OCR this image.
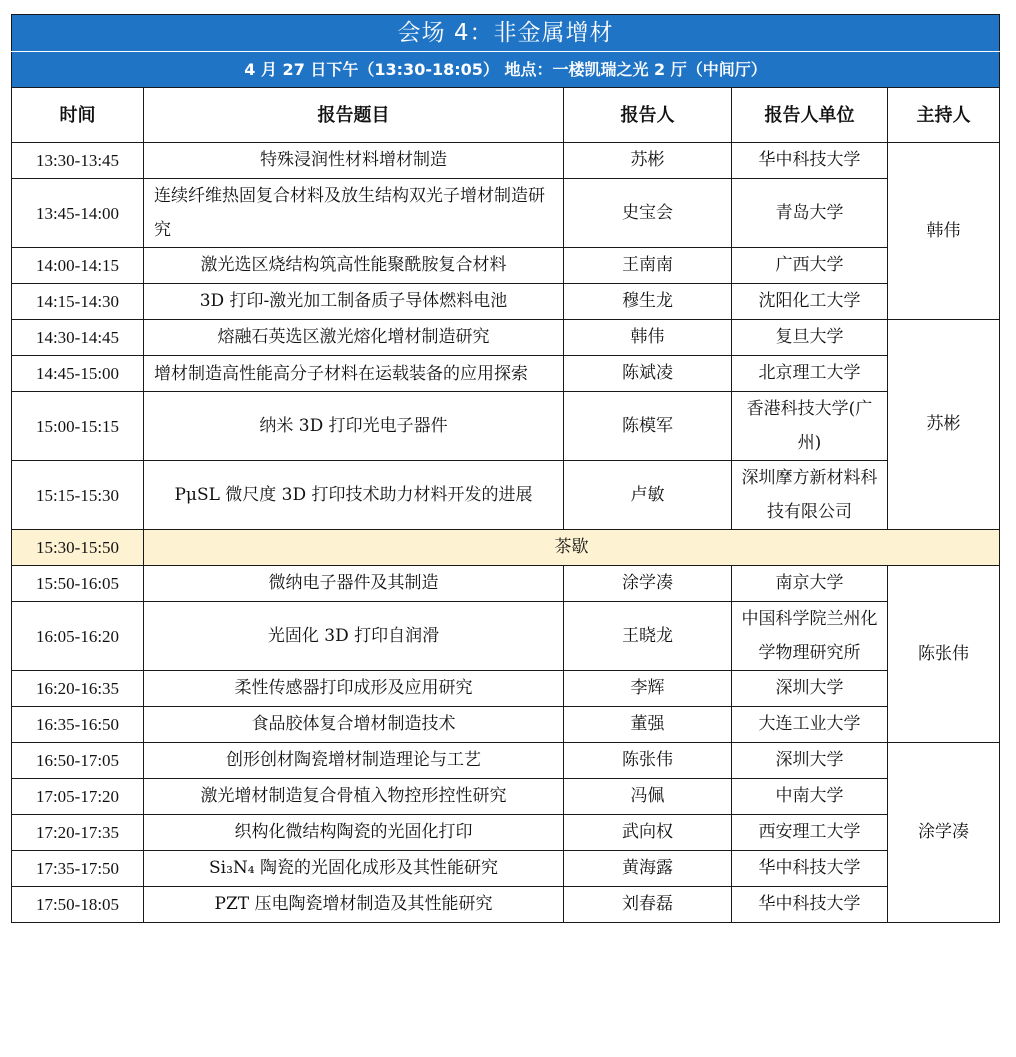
会场 4：非金属增材				
4 月 27 日下午（13:30-18:05） 地点：一楼凯瑞之光 2 厅（中间厅）				
时间	报告题目	报告人	报告人单位	主持人
13:30-13:45	特殊浸润性材料增材制造	苏彬	华中科技大学	韩伟
13:45-14:00	连续纤维热固复合材料及放生结构双光子增材制造研究	史宝会	青岛大学	
14:00-14:15	激光选区烧结构筑高性能聚酰胺复合材料	王南南	广西大学	
14:15-14:30	3D 打印-激光加工制备质子导体燃料电池	穆生龙	沈阳化工大学	
14:30-14:45	熔融石英选区激光熔化增材制造研究	韩伟	复旦大学	苏彬
14:45-15:00	增材制造高性能高分子材料在运载装备的应用探索	陈斌凌	北京理工大学	
15:00-15:15	纳米 3D 打印光电子器件	陈模军	香港科技大学(广州)	
15:15-15:30	PμSL 微尺度 3D 打印技术助力材料开发的进展	卢敏	深圳摩方新材料科技有限公司	
15:30-15:50	茶歇			
15:50-16:05	微纳电子器件及其制造	涂学凑	南京大学	陈张伟
16:05-16:20	光固化 3D 打印自润滑	王晓龙	中国科学院兰州化学物理研究所	
16:20-16:35	柔性传感器打印成形及应用研究	李辉	深圳大学	
16:35-16:50	食品胶体复合增材制造技术	董强	大连工业大学	
16:50-17:05	创形创材陶瓷增材制造理论与工艺	陈张伟	深圳大学	涂学凑
17:05-17:20	激光增材制造复合骨植入物控形控性研究	冯佩	中南大学	
17:20-17:35	织构化微结构陶瓷的光固化打印	武向权	西安理工大学	
17:35-17:50	Si₃N₄ 陶瓷的光固化成形及其性能研究	黄海露	华中科技大学	
17:50-18:05	PZT 压电陶瓷增材制造及其性能研究	刘春磊	华中科技大学	
